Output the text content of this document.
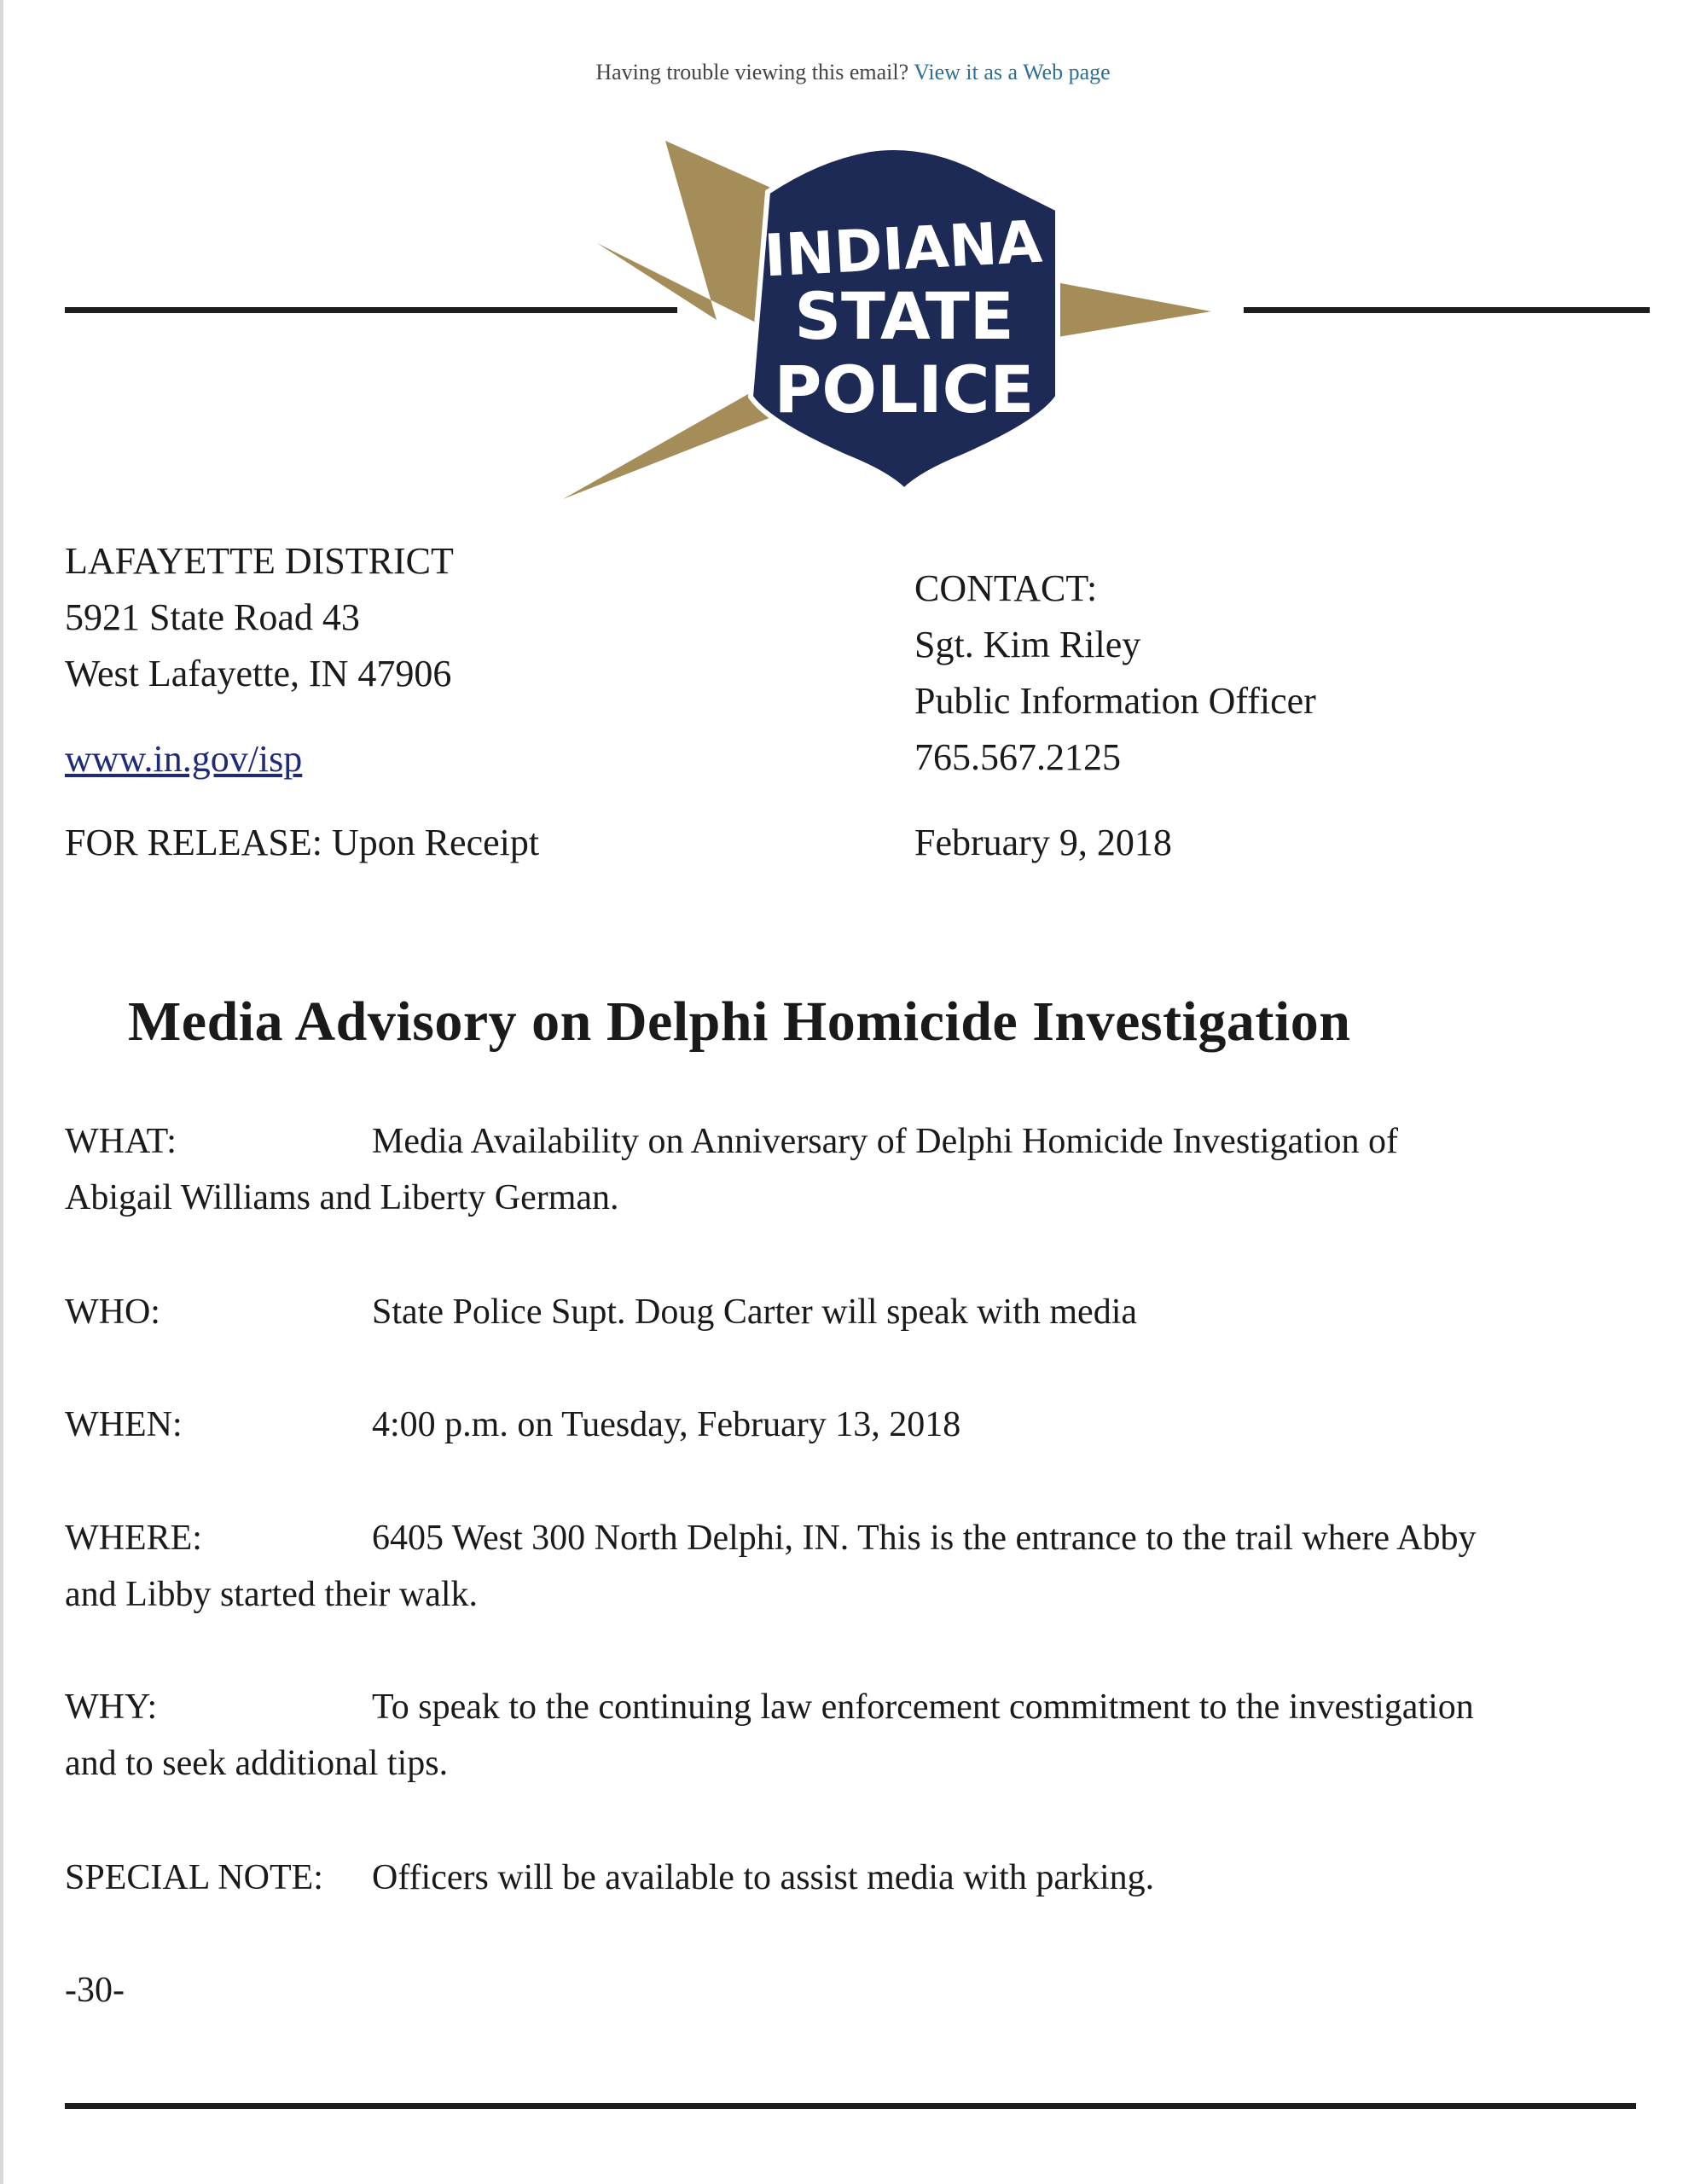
Having trouble viewing this email? View it as a Web page
INDIANA
STATE
POLICE
LAFAYETTE DISTRICT
5921 State Road 43
West Lafayette, IN 47906
www.in.gov/isp
FOR RELEASE: Upon Receipt
CONTACT:
Sgt. Kim Riley
Public Information Officer
765.567.2125
February 9, 2018
Media Advisory on Delphi Homicide Investigation
WHAT:	Media Availability on Anniversary of Delphi Homicide Investigation of
Abigail Williams and Liberty German.
WHO:	State Police Supt. Doug Carter will speak with media
WHEN:	4:00 p.m. on Tuesday, February 13, 2018
WHERE:	6405 West 300 North Delphi, IN. This is the entrance to the trail where Abby
and Libby started their walk.
WHY:	To speak to the continuing law enforcement commitment to the investigation
and to seek additional tips.
SPECIAL NOTE: Officers will be available to assist media with parking.
-30-
